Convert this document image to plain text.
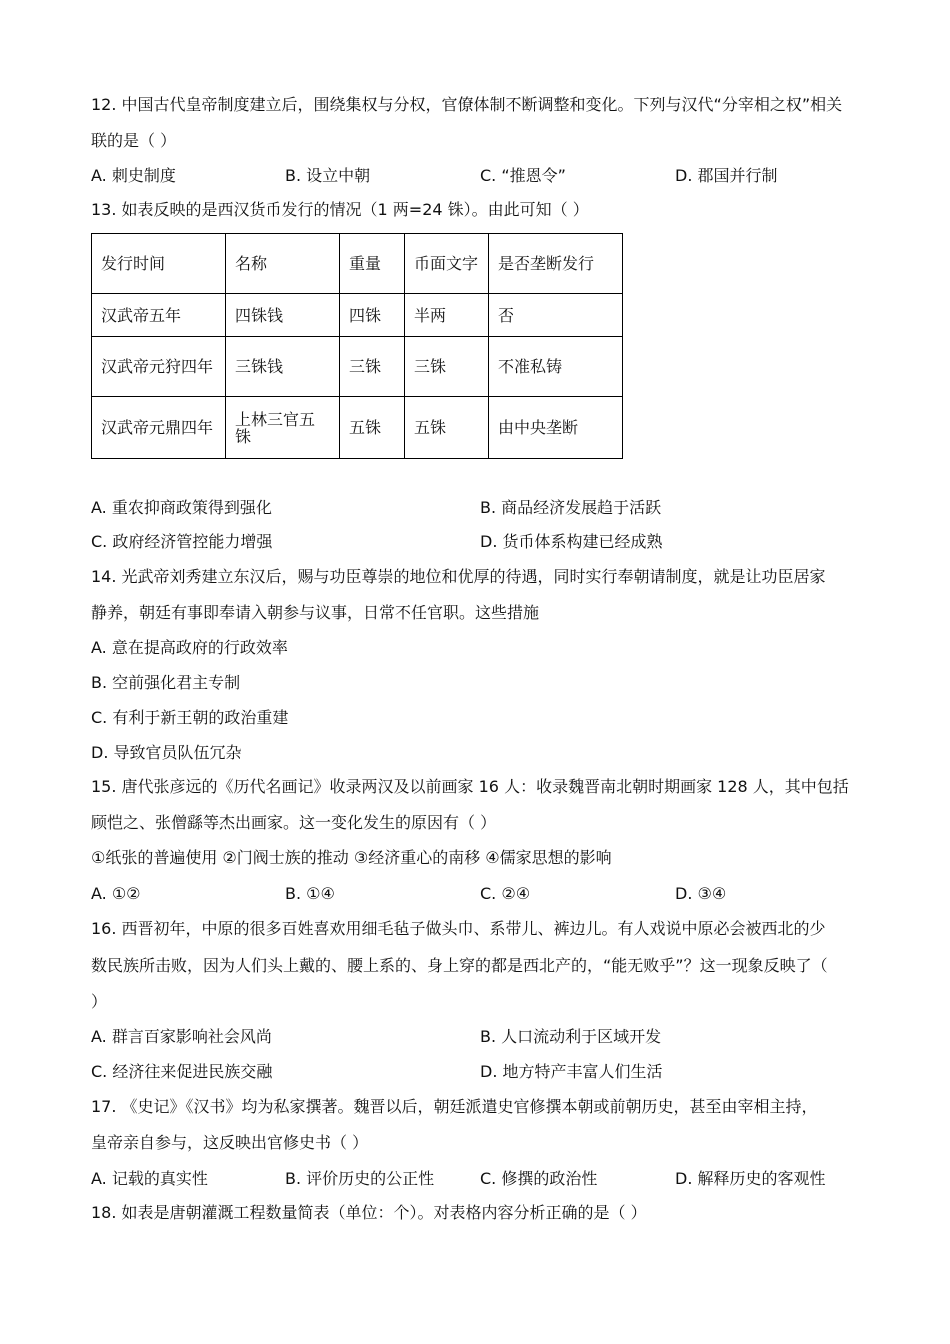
12. 中国古代皇帝制度建立后，围绕集权与分权，官僚体制不断调整和变化。下列与汉代“分宰相之权”相关
联的是（ ）
A. 刺史制度	B. 设立中朝	C. “推恩令”	D. 郡国并行制
13. 如表反映的是西汉货币发行的情况（1 两=24 铢）。由此可知（ ）
发行时间	名称	重量	币面文字	是否垄断发行
汉武帝五年	四铢钱	四铢	半两	否
汉武帝元狩四年	三铢钱	三铢	三铢	不准私铸
汉武帝元鼎四年	上林三官五铢	五铢	五铢	由中央垄断
A. 重农抑商政策得到强化	B. 商品经济发展趋于活跃
C. 政府经济管控能力增强	D. 货币体系构建已经成熟
14. 光武帝刘秀建立东汉后，赐与功臣尊崇的地位和优厚的待遇，同时实行奉朝请制度，就是让功臣居家
静养，朝廷有事即奉请入朝参与议事，日常不任官职。这些措施
A. 意在提高政府的行政效率
B. 空前强化君主专制
C. 有利于新王朝的政治重建
D. 导致官员队伍冗杂
15. 唐代张彦远的《历代名画记》收录两汉及以前画家 16 人：收录魏晋南北朝时期画家 128 人，其中包括
顾恺之、张僧繇等杰出画家。这一变化发生的原因有（ ）
①纸张的普遍使用 ②门阀士族的推动 ③经济重心的南移 ④儒家思想的影响
A. ①②	B. ①④	C. ②④	D. ③④
16. 西晋初年，中原的很多百姓喜欢用细毛毡子做头巾、系带儿、裤边儿。有人戏说中原必会被西北的少
数民族所击败，因为人们头上戴的、腰上系的、身上穿的都是西北产的，“能无败乎”？这一现象反映了（
）
A. 群言百家影响社会风尚	B. 人口流动利于区域开发
C. 经济往来促进民族交融	D. 地方特产丰富人们生活
17. 《史记》《汉书》均为私家撰著。魏晋以后，朝廷派遣史官修撰本朝或前朝历史，甚至由宰相主持，
皇帝亲自参与，这反映出官修史书（ ）
A. 记载的真实性	B. 评价历史的公正性	C. 修撰的政治性	D. 解释历史的客观性
18. 如表是唐朝灌溉工程数量简表（单位：个）。对表格内容分析正确的是（ ）
